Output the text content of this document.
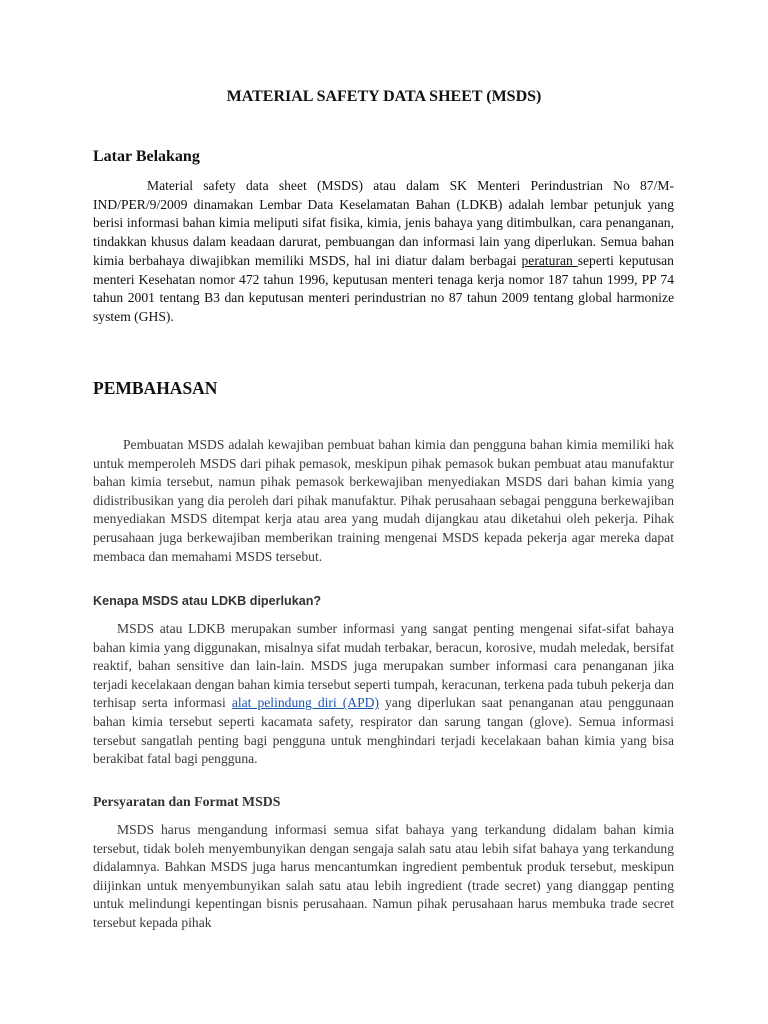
MATERIAL SAFETY DATA SHEET (MSDS)
Latar Belakang

Material safety data sheet (MSDS) atau dalam SK Menteri Perindustrian No 87/M-IND/PER/9/2009 dinamakan Lembar Data Keselamatan Bahan (LDKB) adalah lembar petunjuk yang berisi informasi bahan kimia meliputi sifat fisika, kimia, jenis bahaya yang ditimbulkan, cara penanganan, tindakkan khusus dalam keadaan darurat, pembuangan dan informasi lain yang diperlukan. Semua bahan kimia berbahaya diwajibkan memiliki MSDS, hal ini diatur dalam berbagai peraturan seperti keputusan menteri Kesehatan nomor 472 tahun 1996, keputusan menteri tenaga kerja nomor 187 tahun 1999, PP 74 tahun 2001 tentang B3 dan keputusan menteri perindustrian no 87 tahun 2009 tentang global harmonize system (GHS).

PEMBAHASAN

Pembuatan MSDS adalah kewajiban pembuat bahan kimia dan pengguna bahan kimia memiliki hak untuk memperoleh MSDS dari pihak pemasok, meskipun pihak pemasok bukan pembuat atau manufaktur bahan kimia tersebut, namun pihak pemasok berkewajiban menyediakan MSDS dari bahan kimia yang didistribusikan yang dia peroleh dari pihak manufaktur. Pihak perusahaan sebagai pengguna berkewajiban menyediakan MSDS ditempat kerja atau area yang mudah dijangkau atau diketahui oleh pekerja. Pihak perusahaan juga berkewajiban memberikan training mengenai MSDS kepada pekerja agar mereka dapat membaca dan memahami MSDS tersebut.

Kenapa MSDS atau LDKB diperlukan?

MSDS atau LDKB merupakan sumber informasi yang sangat penting mengenai sifat-sifat bahaya bahan kimia yang diggunakan, misalnya sifat mudah terbakar, beracun, korosive, mudah meledak, bersifat reaktif, bahan sensitive dan lain-lain. MSDS juga merupakan sumber informasi cara penanganan jika terjadi kecelakaan dengan bahan kimia tersebut seperti tumpah, keracunan, terkena pada tubuh pekerja dan terhisap serta informasi alat pelindung diri (APD) yang diperlukan saat penanganan atau penggunaan bahan kimia tersebut seperti kacamata safety, respirator dan sarung tangan (glove). Semua informasi tersebut sangatlah penting bagi pengguna untuk menghindari terjadi kecelakaan bahan kimia yang bisa berakibat fatal bagi pengguna.

Persyaratan dan Format MSDS

MSDS harus mengandung informasi semua sifat bahaya yang terkandung didalam bahan kimia tersebut, tidak boleh menyembunyikan dengan sengaja salah satu atau lebih sifat bahaya yang terkandung didalamnya. Bahkan MSDS juga harus mencantumkan ingredient pembentuk produk tersebut, meskipun diijinkan untuk menyembunyikan salah satu atau lebih ingredient (trade secret) yang dianggap penting untuk melindungi kepentingan bisnis perusahaan. Namun pihak perusahaan harus membuka trade secret tersebut kepada pihak
